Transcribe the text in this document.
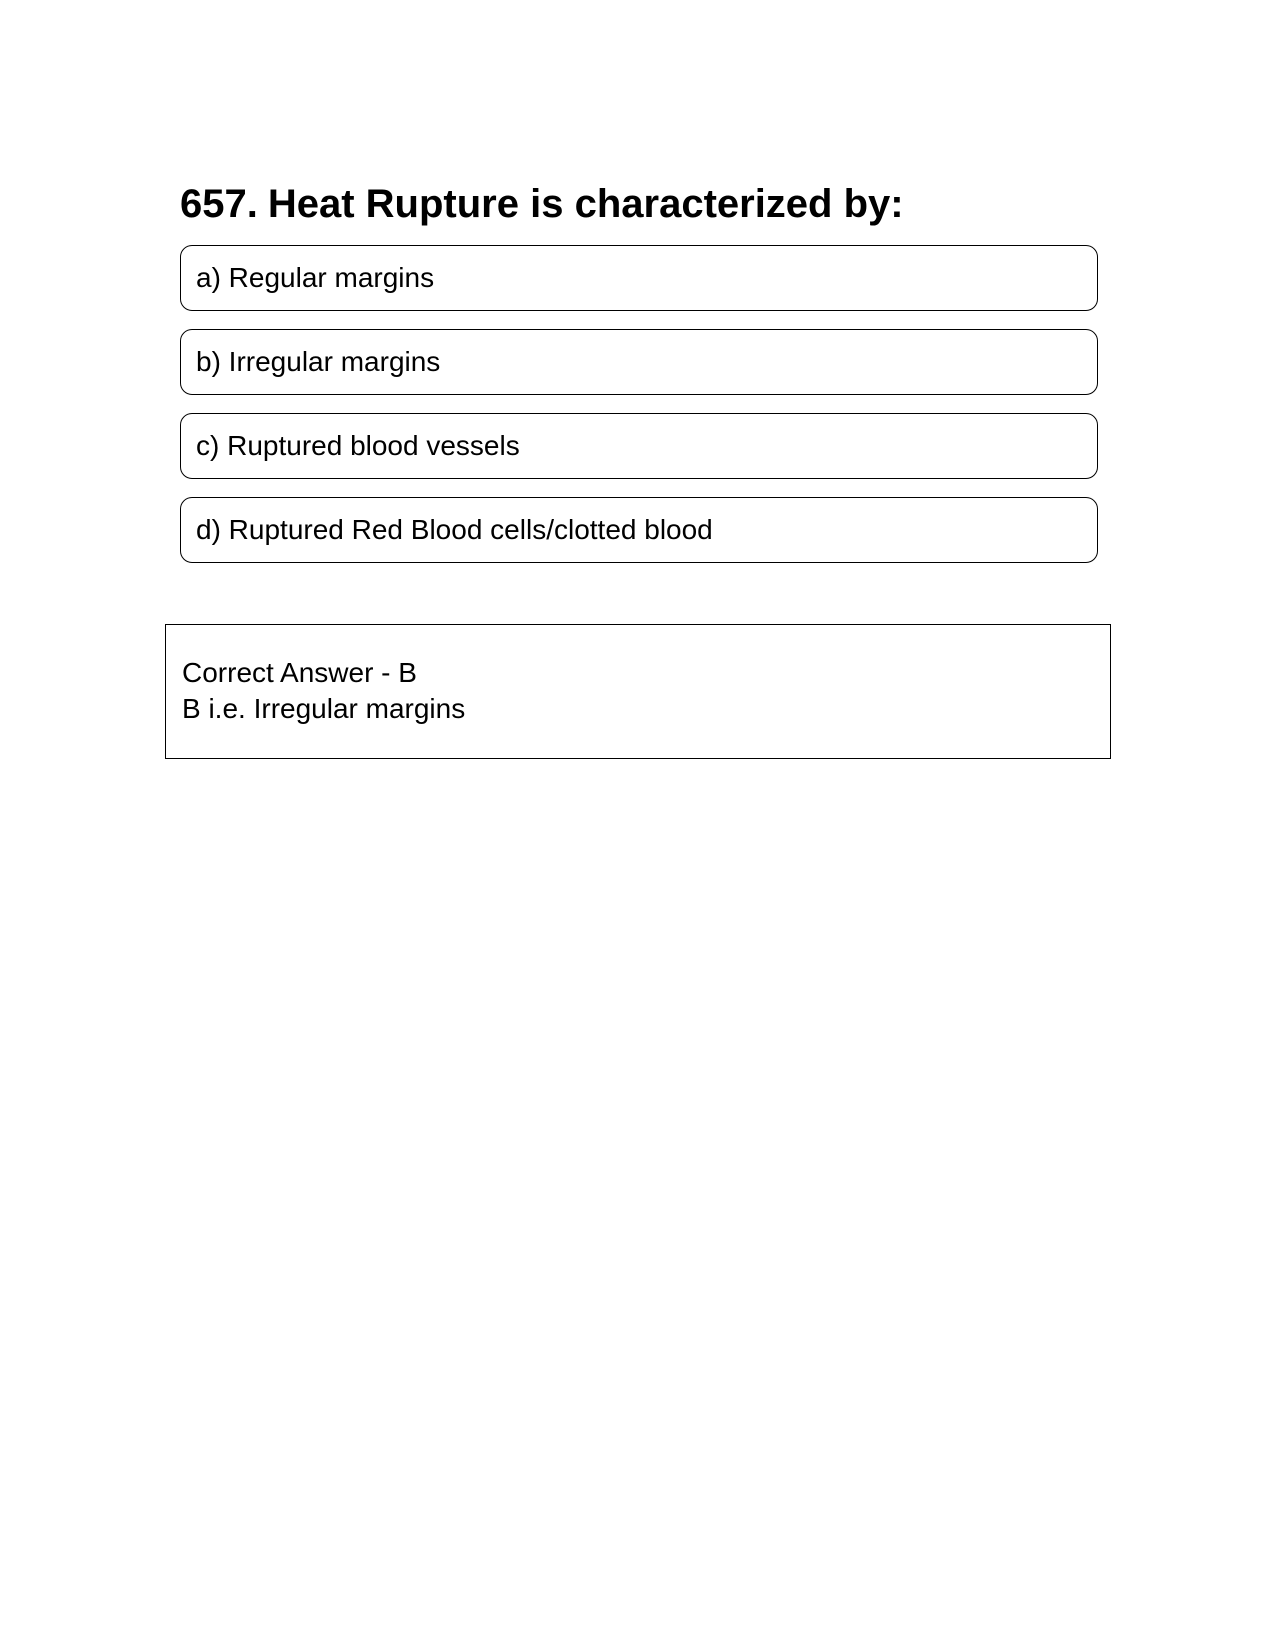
657. Heat Rupture is characterized by:
a) Regular margins
b) Irregular margins
c) Ruptured blood vessels
d) Ruptured Red Blood cells/clotted blood
Correct Answer - B
B i.e. Irregular margins
